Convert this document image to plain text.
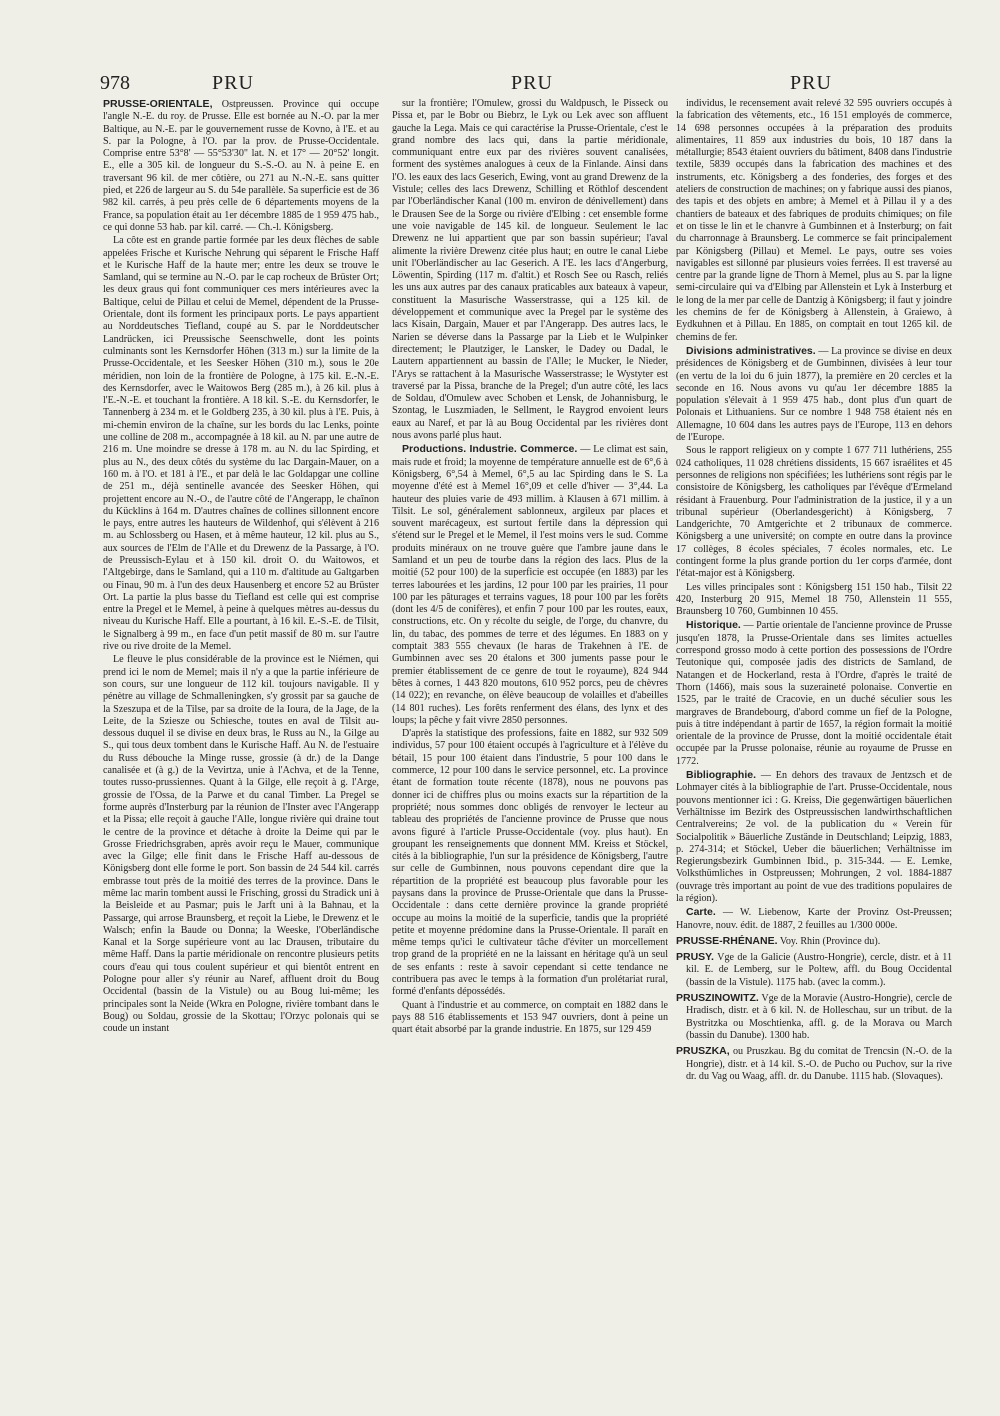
978	PRU	PRU	PRU

PRUSSE-ORIENTALE, Ostpreussen. Province qui occupe l'angle N.-E. du roy. de Prusse. Elle est bornée au N.-O. par la mer Baltique, au N.-E. par le gouvernement russe de Kovno, à l'E. et au S. par la Pologne, à l'O. par la prov. de Prusse-Occidentale. Comprise entre 53°8' — 55°53'30" lat. N. et 17° — 20°52' longit. E., elle a 305 kil. de longueur du S.-S.-O. au N. à peine E. en traversant 96 kil. de mer côtière, ou 271 au N.-N.-E. sans quitter pied, et 226 de largeur au S. du 54e parallèle. Sa superficie est de 36 982 kil. carrés, à peu près celle de 6 départements moyens de la France, sa population était au 1er décembre 1885 de 1 959 475 hab., ce qui donne 53 hab. par kil. carré. — Ch.-l. Königsberg.

La côte est en grande partie formée par les deux flèches de sable appelées Frische et Kurische Nehrung qui séparent le Frische Haff et le Kurische Haff de la haute mer; entre les deux se trouve le Samland, qui se termine au N.-O. par le cap rocheux de Brüster Ort; les deux graus qui font communiquer ces mers intérieures avec la Baltique, celui de Pillau et celui de Memel, dépendent de la Prusse-Orientale, dont ils forment les principaux ports. Le pays appartient au Norddeutsches Tiefland, coupé au S. par le Norddeutscher Landrücken, ici Preussische Seenschwelle, dont les points culminants sont les Kernsdorfer Höhen (313 m.) sur la limite de la Prusse-Occidentale, et les Seesker Höhen (310 m.), sous le 20e méridien, non loin de la frontière de Pologne, à 175 kil. E.-N.-E. des Kernsdorfer, avec le Waitowos Berg (285 m.), à 26 kil. plus à l'E.-N.-E. et touchant la frontière. A 18 kil. S.-E. du Kernsdorfer, le Tannenberg à 234 m. et le Goldberg 235, à 30 kil. plus à l'E. Puis, à mi-chemin environ de la chaîne, sur les bords du lac Lenks, pointe une colline de 208 m., accompagnée à 18 kil. au N. par une autre de 216 m. Une moindre se dresse à 178 m. au N. du lac Spirding, et plus au N., des deux côtés du système du lac Dargain-Mauer, on a 160 m. à l'O. et 181 à l'E., et par delà le lac Goldapgar une colline de 251 m., déjà sentinelle avancée des Seesker Höhen, qui projettent encore au N.-O., de l'autre côté de l'Angerapp, le chaînon du Kücklins à 164 m. D'autres chaînes de collines sillonnent encore le pays, entre autres les hauteurs de Wildenhof, qui s'élèvent à 216 m. au Schlossberg ou Hasen, et à même hauteur, 12 kil. plus au S., aux sources de l'Elm de l'Alle et du Drewenz de la Passarge, à l'O. de Preussisch-Eylau et à 150 kil. droit O. du Waitowos, et l'Altgebirge, dans le Samland, qui a 110 m. d'altitude au Galtgarben ou Finau, 90 m. à l'un des deux Hausenberg et encore 52 au Brüster Ort. La partie la plus basse du Tiefland est celle qui est comprise entre la Pregel et le Memel, à peine à quelques mètres au-dessus du niveau du Kurische Haff. Elle a pourtant, à 16 kil. E.-S.-E. de Tilsit, le Signalberg à 99 m., en face d'un petit massif de 80 m. sur l'autre rive ou rive droite de la Memel.

Le fleuve le plus considérable de la province est le Niémen, qui prend ici le nom de Memel; mais il n'y a que la partie inférieure de son cours, sur une longueur de 112 kil. toujours navigable. Il y pénètre au village de Schmalleningken, s'y grossit par sa gauche de la Szeszupa et de la Tilse, par sa droite de la Ioura, de la Jage, de la Leite, de la Sziesze ou Schiesche, toutes en aval de Tilsit au-dessous duquel il se divise en deux bras, le Russ au N., la Gilge au S., qui tous deux tombent dans le Kurische Haff. Au N. de l'estuaire du Russ débouche la Minge russe, grossie (à dr.) de la Dange canalisée et (à g.) de la Vevirtza, unie à l'Achva, et de la Tenne, toutes russo-prussiennes. Quant à la Gilge, elle reçoit à g. l'Arge, grossie de l'Ossa, de la Parwe et du canal Timber. La Pregel se forme auprès d'Insterburg par la réunion de l'Inster avec l'Angerapp et la Pissa; elle reçoit à gauche l'Alle, longue rivière qui draine tout le centre de la province et détache à droite la Deime qui par le Grosse Friedrichsgraben, après avoir reçu le Mauer, communique avec la Gilge; elle finit dans le Frische Haff au-dessous de Königsberg dont elle forme le port. Son bassin de 24 544 kil. carrés embrasse tout près de la moitié des terres de la province. Dans le même lac marin tombent aussi le Frisching, grossi du Stradick uni à la Beisleide et au Pasmar; puis le Jarft uni à la Bahnau, et la Passarge, qui arrose Braunsberg, et reçoit la Liebe, le Drewenz et le Walsch; enfin la Baude ou Donna; la Weeske, l'Oberländische Kanal et la Sorge supérieure vont au lac Drausen, tributaire du même Haff. Dans la partie méridionale on rencontre plusieurs petits cours d'eau qui tous coulent supérieur et qui bientôt entrent en Pologne pour aller s'y réunir au Naref, affluent droit du Boug Occidental (bassin de la Vistule) ou au Boug lui-même; les principales sont la Neide (Wkra en Pologne, rivière tombant dans le Boug) ou Soldau, grossie de la Skottau; l'Orzyc polonais qui se coude un instant

sur la frontière; l'Omulew, grossi du Waldpusch, le Pisseck ou Pissa et, par le Bobr ou Biebrz, le Lyk ou Lek avec son affluent gauche la Lega. Mais ce qui caractérise la Prusse-Orientale, c'est le grand nombre des lacs qui, dans la partie méridionale, communiquant entre eux par des rivières souvent canalisées, forment des systèmes analogues à ceux de la Finlande. Ainsi dans l'O. les eaux des lacs Geserich, Ewing, vont au grand Drewenz de la Vistule; celles des lacs Drewenz, Schilling et Röthlof descendent par l'Oberländischer Kanal (100 m. environ de dénivellement) dans le Drausen See de la Sorge ou rivière d'Elbing : cet ensemble forme une voie navigable de 145 kil. de longueur. Seulement le lac Drewenz ne lui appartient que par son bassin supérieur; l'aval alimente la rivière Drewenz citée plus haut; en outre le canal Liebe unit l'Oberländischer au lac Geserich. A l'E. les lacs d'Angerburg, Löwentin, Spirding (117 m. d'altit.) et Rosch See ou Rasch, reliés les uns aux autres par des canaux praticables aux bateaux à vapeur, constituent la Masurische Wasserstrasse, qui a 125 kil. de développement et communique avec la Pregel par le système des lacs Kisain, Dargain, Mauer et par l'Angerapp. Des autres lacs, le Narien se déverse dans la Passarge par la Lieb et le Wulpinker directement; le Plautziger, le Lansker, le Dadey ou Dadal, le Lautern appartiennent au bassin de l'Alle; le Mucker, le Nieder, l'Arys se rattachent à la Masurische Wasserstrasse; le Wystyter est traversé par la Pissa, branche de la Pregel; d'un autre côté, les lacs de Soldau, d'Omulew avec Schoben et Lensk, de Johannisburg, le Szontag, le Luszmiaden, le Sellment, le Raygrod envoient leurs eaux au Naref, et par là au Boug Occidental par les rivières dont nous avons parlé plus haut.

Productions. Industrie. Commerce. — Le climat est sain, mais rude et froid; la moyenne de température annuelle est de 6°,6 à Königsberg, 6°,54 à Memel, 6°,5 au lac Spirding dans le S. La moyenne d'été est à Memel 16°,09 et celle d'hiver — 3°,44. La hauteur des pluies varie de 493 millim. à Klausen à 671 millim. à Tilsit. Le sol, généralement sablonneux, argileux par places et souvent marécageux, est surtout fertile dans la dépression qui s'étend sur le Pregel et le Memel, il l'est moins vers le sud. Comme produits minéraux on ne trouve guère que l'ambre jaune dans le Samland et un peu de tourbe dans la région des lacs. Plus de la moitié (52 pour 100) de la superficie est occupée (en 1883) par les terres labourées et les jardins, 12 pour 100 par les prairies, 11 pour 100 par les pâturages et terrains vagues, 18 pour 100 par les forêts (dont les 4/5 de conifères), et enfin 7 pour 100 par les routes, eaux, constructions, etc. On y récolte du seigle, de l'orge, du chanvre, du lin, du tabac, des pommes de terre et des légumes. En 1883 on y comptait 383 555 chevaux (le haras de Trakehnen à l'E. de Gumbinnen avec ses 20 étalons et 300 juments passe pour le premier établissement de ce genre de tout le royaume), 824 944 bêtes à cornes, 1 443 820 moutons, 610 952 porcs, peu de chèvres (14 022); en revanche, on élève beaucoup de volailles et d'abeilles (14 801 ruches). Les forêts renferment des élans, des lynx et des loups; la pêche y fait vivre 2850 personnes.

D'après la statistique des professions, faite en 1882, sur 932 509 individus, 57 pour 100 étaient occupés à l'agriculture et à l'élève du bétail, 15 pour 100 étaient dans l'industrie, 5 pour 100 dans le commerce, 12 pour 100 dans le service personnel, etc. La province étant de formation toute récente (1878), nous ne pouvons pas donner ici de chiffres plus ou moins exacts sur la répartition de la propriété; nous sommes donc obligés de renvoyer le lecteur au tableau des propriétés de l'ancienne province de Prusse que nous avons figuré à l'article Prusse-Occidentale (voy. plus haut). En groupant les renseignements que donnent MM. Kreiss et Stöckel, cités à la bibliographie, l'un sur la présidence de Königsberg, l'autre sur celle de Gumbinnen, nous pouvons cependant dire que la répartition de la propriété est beaucoup plus favorable pour les paysans dans la province de Prusse-Orientale que dans la Prusse-Occidentale : dans cette dernière province la grande propriété occupe au moins la moitié de la superficie, tandis que la propriété petite et moyenne prédomine dans la Prusse-Orientale. Il paraît en même temps qu'ici le cultivateur tâche d'éviter un morcellement trop grand de la propriété en ne la laissant en héritage qu'à un seul de ses enfants : reste à savoir cependant si cette tendance ne contribuera pas avec le temps à la formation d'un prolétariat rural, formé d'enfants dépossédés.

Quant à l'industrie et au commerce, on comptait en 1882 dans le pays 88 516 établissements et 153 947 ouvriers, dont à peine un quart était absorbé par la grande industrie. En 1875, sur 129 459

individus, le recensement avait relevé 32 595 ouvriers occupés à la fabrication des vêtements, etc., 16 151 employés de commerce, 14 698 personnes occupées à la préparation des produits alimentaires, 11 859 aux industries du bois, 10 187 dans la métallurgie; 8543 étaient ouvriers du bâtiment, 8408 dans l'industrie textile, 5839 occupés dans la fabrication des machines et des instruments, etc. Königsberg a des fonderies, des forges et des ateliers de construction de machines; on y fabrique aussi des pianos, des tapis et des objets en ambre; à Memel et à Pillau il y a des chantiers de bateaux et des fabriques de produits chimiques; on file et on tisse le lin et le chanvre à Gumbinnen et à Insterburg; on fait du charronnage à Braunsberg. Le commerce se fait principalement par Königsberg (Pillau) et Memel. Le pays, outre ses voies navigables est sillonné par plusieurs voies ferrées. Il est traversé au centre par la grande ligne de Thorn à Memel, plus au S. par la ligne semi-circulaire qui va d'Elbing par Allenstein et Lyk à Insterburg et le long de la mer par celle de Dantzig à Königsberg; il faut y joindre les chemins de fer de Königsberg à Allenstein, à Graiewo, à Eydkuhnen et à Pillau. En 1885, on comptait en tout 1265 kil. de chemins de fer.

Divisions administratives. — La province se divise en deux présidences de Königsberg et de Gumbinnen, divisées à leur tour (en vertu de la loi du 6 juin 1877), la première en 20 cercles et la seconde en 16. Nous avons vu qu'au 1er décembre 1885 la population s'élevait à 1 959 475 hab., dont plus d'un quart de Polonais et Lithuaniens. Sur ce nombre 1 948 758 étaient nés en Allemagne, 10 604 dans les autres pays de l'Europe, 113 en dehors de l'Europe.

Sous le rapport religieux on y compte 1 677 711 luthériens, 255 024 catholiques, 11 028 chrétiens dissidents, 15 667 israélites et 45 personnes de religions non spécifiées; les luthériens sont régis par le consistoire de Königsberg, les catholiques par l'évêque d'Ermeland résidant à Frauenburg. Pour l'administration de la justice, il y a un tribunal supérieur (Oberlandesgericht) à Königsberg, 7 Landgerichte, 70 Amtgerichte et 2 tribunaux de commerce. Königsberg a une université; on compte en outre dans la province 17 collèges, 8 écoles spéciales, 7 écoles normales, etc. Le contingent forme la plus grande portion du 1er corps d'armée, dont l'état-major est à Königsberg.

Les villes principales sont : Königsberg 151 150 hab., Tilsit 22 420, Insterburg 20 915, Memel 18 750, Allenstein 11 555, Braunsberg 10 760, Gumbinnen 10 455.

Historique. — Partie orientale de l'ancienne province de Prusse jusqu'en 1878, la Prusse-Orientale dans ses limites actuelles correspond grosso modo à cette portion des possessions de l'Ordre Teutonique qui, composée jadis des districts de Samland, de Natangen et de Hockerland, resta à l'Ordre, d'après le traité de Thorn (1466), mais sous la suzeraineté polonaise. Convertie en 1525, par le traité de Cracovie, en un duché séculier sous les margraves de Brandebourg, d'abord comme un fief de la Pologne, puis à titre indépendant à partir de 1657, la région formait la moitié orientale de la province de Prusse, dont la moitié occidentale était occupée par la Prusse polonaise, réunie au royaume de Prusse en 1772.

Bibliographie. — En dehors des travaux de Jentzsch et de Lohmayer cités à la bibliographie de l'art. Prusse-Occidentale, nous pouvons mentionner ici : G. Kreiss, Die gegenwärtigen bäuerlichen Verhältnisse im Bezirk des Ostpreussischen landwirthschaftlichen Centralvereins; 2e vol. de la publication du « Verein für Socialpolitik » Bäuerliche Zustände in Deutschland; Leipzig, 1883, p. 274-314; et Stöckel, Ueber die bäuerlichen; Verhältnisse im Regierungsbezirk Gumbinnen Ibid., p. 315-344. — E. Lemke, Volksthümliches in Ostpreussen; Mohrungen, 2 vol. 1884-1887 (ouvrage très important au point de vue des traditions populaires de la région).

Carte. — W. Liebenow, Karte der Provinz Ost-Preussen; Hanovre, nouv. édit. de 1887, 2 feuilles au 1/300 000e.

PRUSSE-RHÉNANE. Voy. Rhin (Province du).

PRUSY. Vge de la Galicie (Austro-Hongrie), cercle, distr. et à 11 kil. E. de Lemberg, sur le Poltew, affl. du Boug Occidental (bassin de la Vistule). 1175 hab. (avec la comm.).

PRUSZINOWITZ. Vge de la Moravie (Austro-Hongrie), cercle de Hradisch, distr. et à 6 kil. N. de Holleschau, sur un tribut. de la Bystritzka ou Moschtienka, affl. g. de la Morava ou March (bassin du Danube). 1300 hab.

PRUSZKA, ou Pruszkau. Bg du comitat de Trencsin (N.-O. de la Hongrie), distr. et à 14 kil. S.-O. de Pucho ou Puchov, sur la rive dr. du Vag ou Waag, affl. dr. du Danube. 1115 hab. (Slovaques).
